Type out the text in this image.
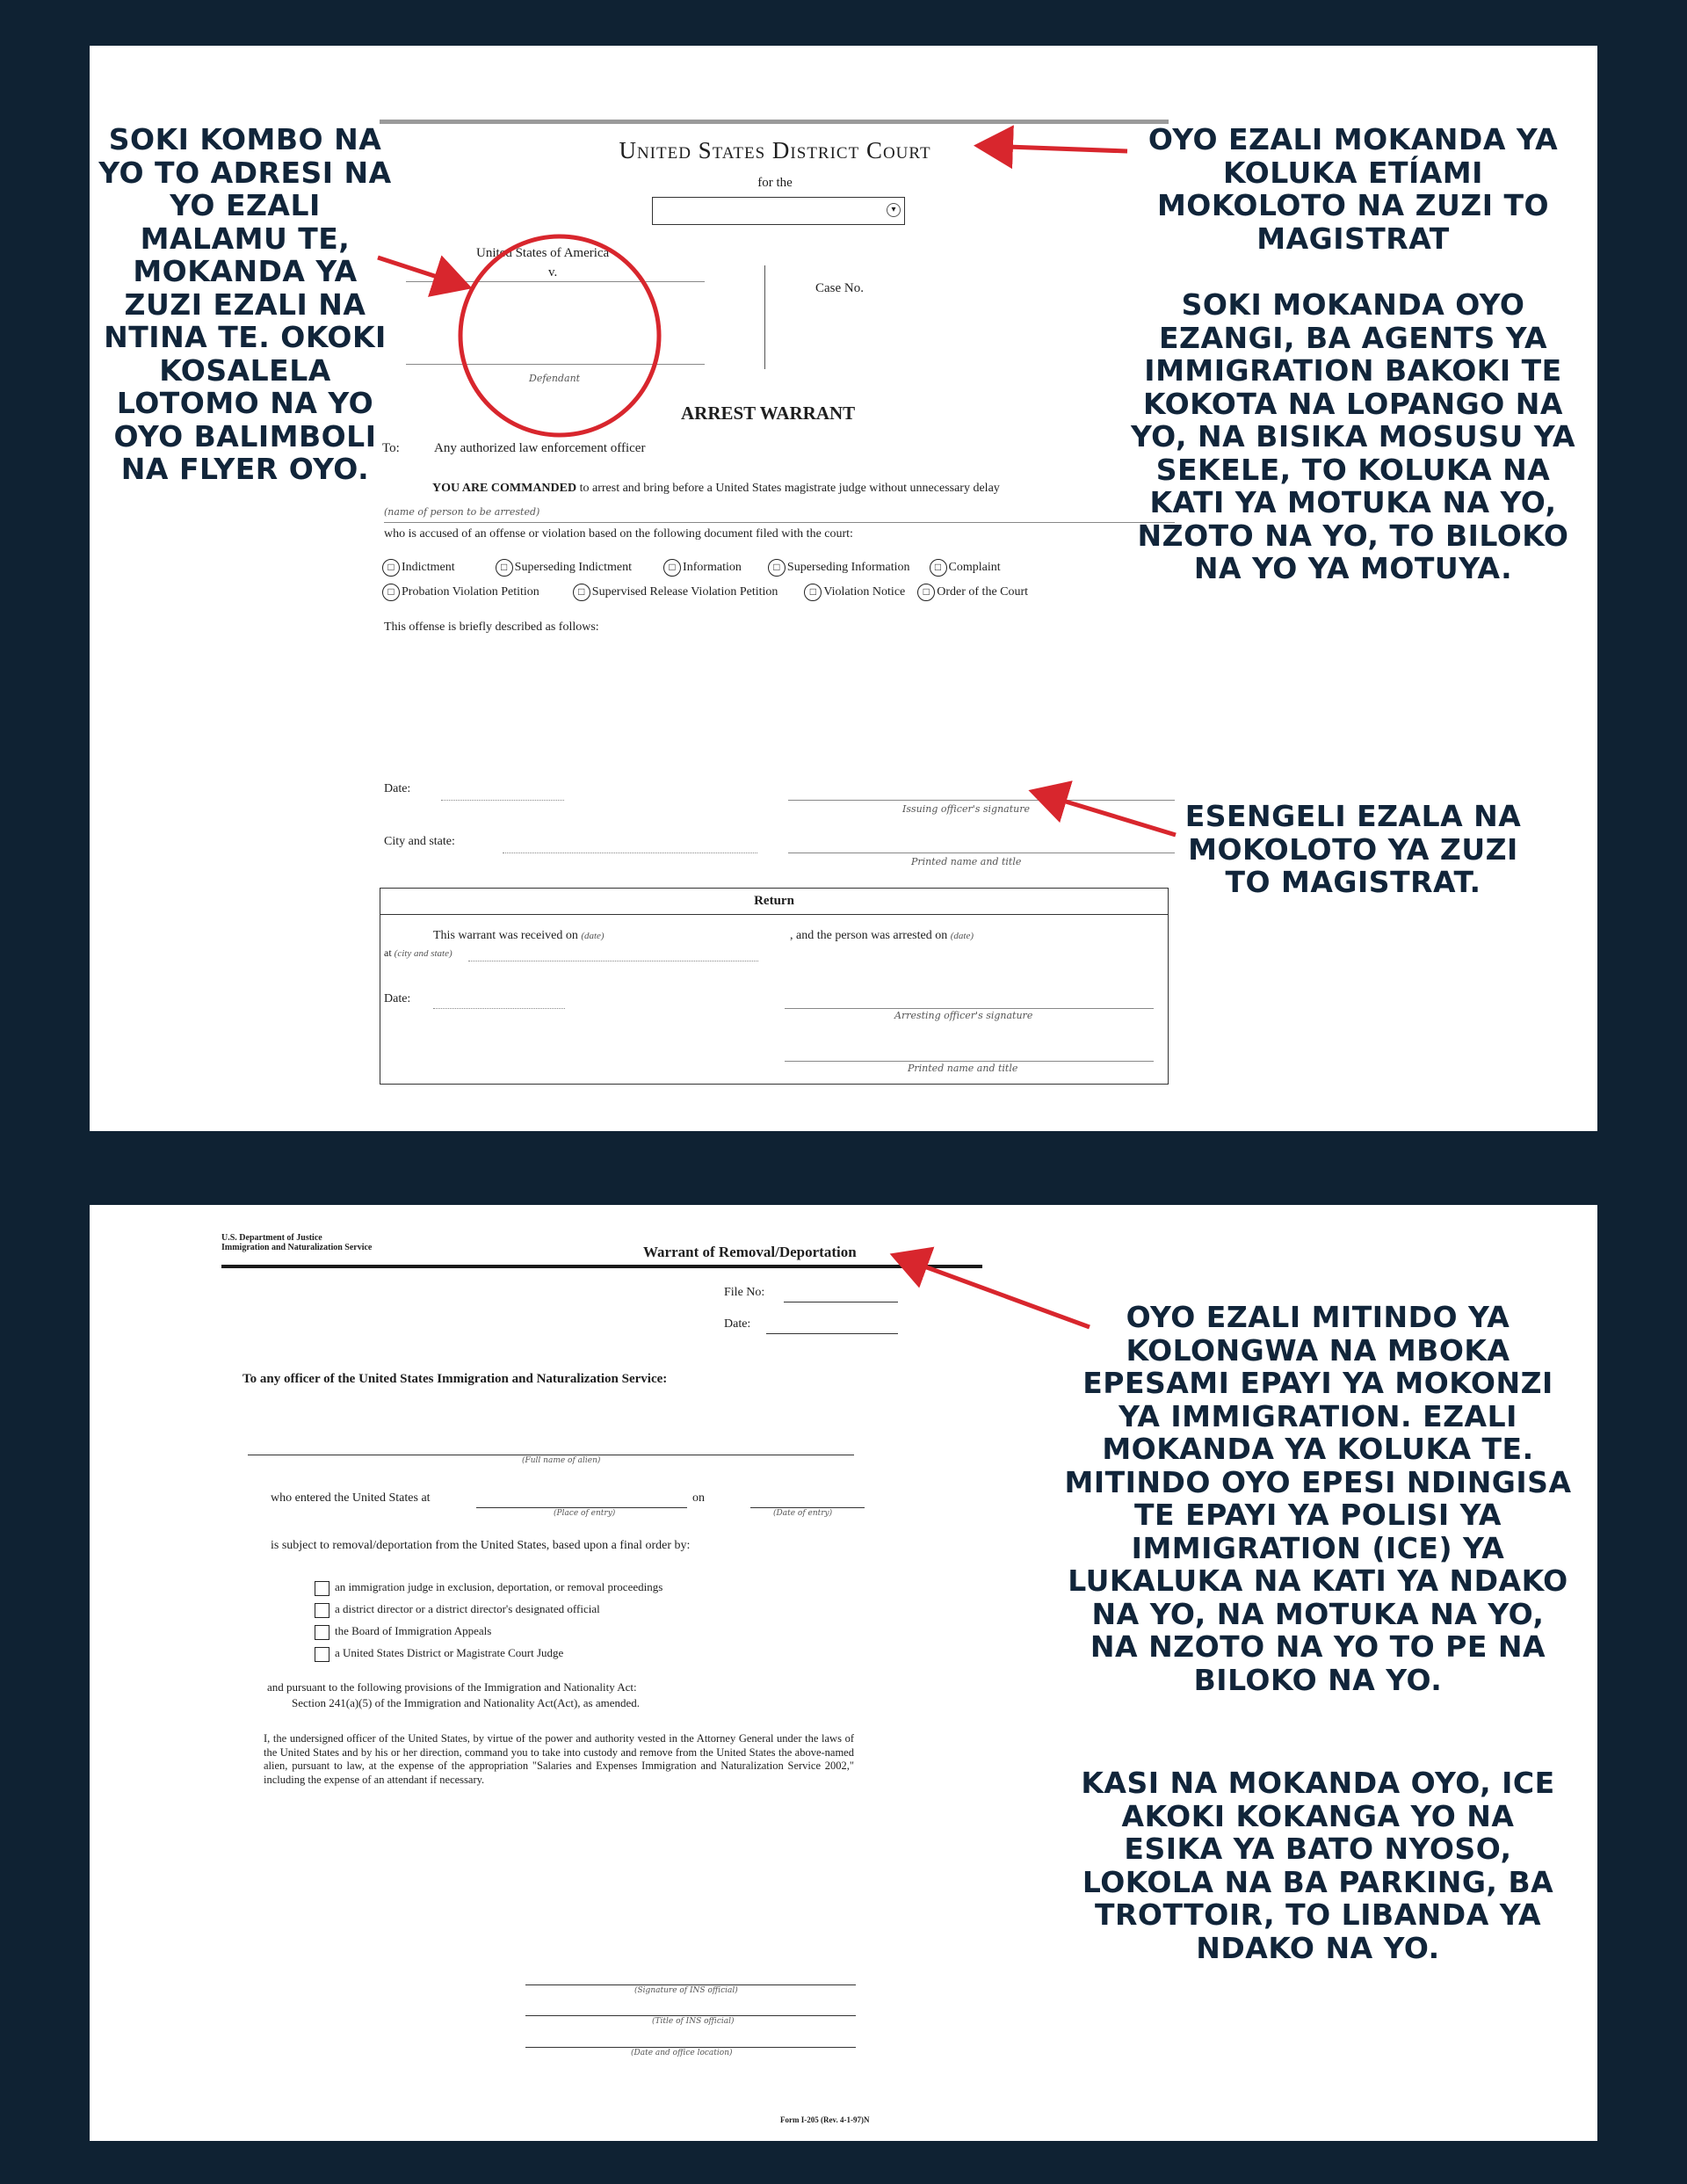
United States District Court
for the
▾
United States of America
v.
Defendant
Case No.
ARREST WARRANT
To:	Any authorized law enforcement officer
YOU ARE COMMANDED to arrest and bring before a United States magistrate judge without unnecessary delay
(name of person to be arrested)
who is accused of an offense or violation based on the following document filed with the court:
□ Indictment	□ Superseding Indictment	□ Information	□ Superseding Information □ Complaint
□ Probation Violation Petition	□ Supervised Release Violation Petition	□ Violation Notice □ Order of the Court
This offense is briefly described as follows:
Date:
Issuing officer's signature
City and state:
Printed name and title
Return
This warrant was received on (date)	, and the person was arrested on (date)
at (city and state)
Date:
Arresting officer's signature
Printed name and title
U.S. Department of Justice
Immigration and Naturalization Service	Warrant of Removal/Deportation
File No:
Date:
To any officer of the United States Immigration and Naturalization Service:
(Full name of alien)
who entered the United States at
(Place of entry)
on
(Date of entry)
is subject to removal/deportation from the United States, based upon a final order by:
an immigration judge in exclusion, deportation, or removal proceedings
a district director or a district director's designated official
the Board of Immigration Appeals
a United States District or Magistrate Court Judge
and pursuant to the following provisions of the Immigration and Nationality Act:
Section 241(a)(5) of the Immigration and Nationality Act(Act), as amended.
I, the undersigned officer of the United States, by virtue of the power and authority vested in the Attorney General under the laws of the United States and by his or her direction, command you to take into custody and remove from the United States the above-named alien, pursuant to law, at the expense of the appropriation "Salaries and Expenses Immigration and Naturalization Service 2002," including the expense of an attendant if necessary.
(Signature of INS official)
(Title of INS official)
(Date and office location)
Form I-205 (Rev. 4-1-97)N
SOKI KOMBO NA YO TO ADRESI NA YO EZALI MALAMU TE, MOKANDA YA ZUZI EZALI NA NTINA TE. OKOKI KOSALELA LOTOMO NA YO OYO BALIMBOLI NA FLYER OYO.
OYO EZALI MOKANDA YA KOLUKA ETÍAMI MOKOLOTO NA ZUZI TO MAGISTRAT
SOKI MOKANDA OYO EZANGI, BA AGENTS YA IMMIGRATION BAKOKI TE KOKOTA NA LOPANGO NA YO, NA BISIKA MOSUSU YA SEKELE, TO KOLUKA NA KATI YA MOTUKA NA YO, NZOTO NA YO, TO BILOKO NA YO YA MOTUYA.
ESENGELI EZALA NA MOKOLOTO YA ZUZI TO MAGISTRAT.
OYO EZALI MITINDO YA KOLONGWA NA MBOKA EPESAMI EPAYI YA MOKONZI YA IMMIGRATION. EZALI MOKANDA YA KOLUKA TE. MITINDO OYO EPESI NDINGISA TE EPAYI YA POLISI YA IMMIGRATION (ICE) YA LUKALUKA NA KATI YA NDAKO NA YO, NA MOTUKA NA YO, NA NZOTO NA YO TO PE NA BILOKO NA YO.
KASI NA MOKANDA OYO, ICE AKOKI KOKANGA YO NA ESIKA YA BATO NYOSO, LOKOLA NA BA PARKING, BA TROTTOIR, TO LIBANDA YA NDAKO NA YO.
